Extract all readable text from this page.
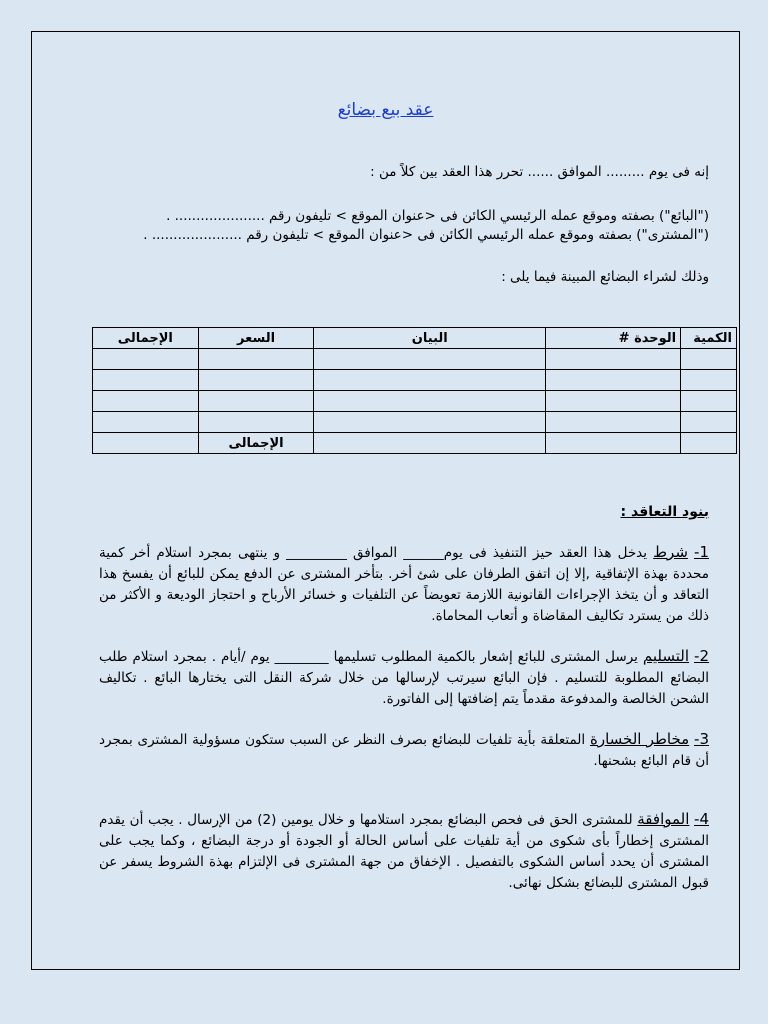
عقد بيع بضائع
إنه فى يوم ......... الموافق ...... تحرر هذا العقد بين كلاً من :
("البائع") بصفته وموقع عمله الرئيسي الكائن فى <عنوان الموقع > تليفون رقم ..................... .
("المشترى") بصفته وموقع عمله الرئيسي الكائن فى <عنوان الموقع > تليفون رقم ..................... .
وذلك لشراء البضائع المبينة فيما يلى :
الكمية	الوحدة #	البيان	السعر	الإجمالى

			الإجمالى	
بنود التعاقد :
1- شرط يدخل هذا العقد حيز التنفيذ فى يوم______ الموافق _________ و ينتهى بمجرد استلام أخر كمية محددة بهذة الإتفاقية ,إلا إن اتفق الطرفان على شئ أخر. بتأخر المشترى عن الدفع يمكن للبائع أن يفسخ هذا التعاقد و أن يتخذ الإجراءات القانونية اللازمة تعويضاً عن التلفيات و خسائر الأرباح و احتجاز الوديعة و الأكثر من ذلك من يسترد تكاليف المقاضاة و أتعاب المحاماة.
2- التسليم يرسل المشترى للبائع إشعار بالكمية المطلوب تسليمها ________ يوم /أيام . بمجرد استلام طلب البضائع المطلوبة للتسليم . فإن البائع سيرتب لإرسالها من خلال شركة النقل التى يختارها البائع . تكاليف الشحن الخالصة والمدفوعة مقدماً يتم إضافتها إلى الفاتورة.
3- مخاطر الخسارة المتعلقة بأية تلفيات للبضائع بصرف النظر عن السبب ستكون مسؤولية المشترى بمجرد أن قام البائع بشحنها.
4- الموافقة للمشترى الحق فى فحص البضائع بمجرد استلامها و خلال يومين (2) من الإرسال . يجب أن يقدم المشترى إخطاراً بأى شكوى من أية تلفيات على أساس الحالة أو الجودة أو درجة البضائع ، وكما يجب على المشترى أن يحدد أساس الشكوى بالتفصيل . الإخفاق من جهة المشترى فى الإلتزام بهذة الشروط يسفر عن قبول المشترى للبضائع بشكل نهائى.
